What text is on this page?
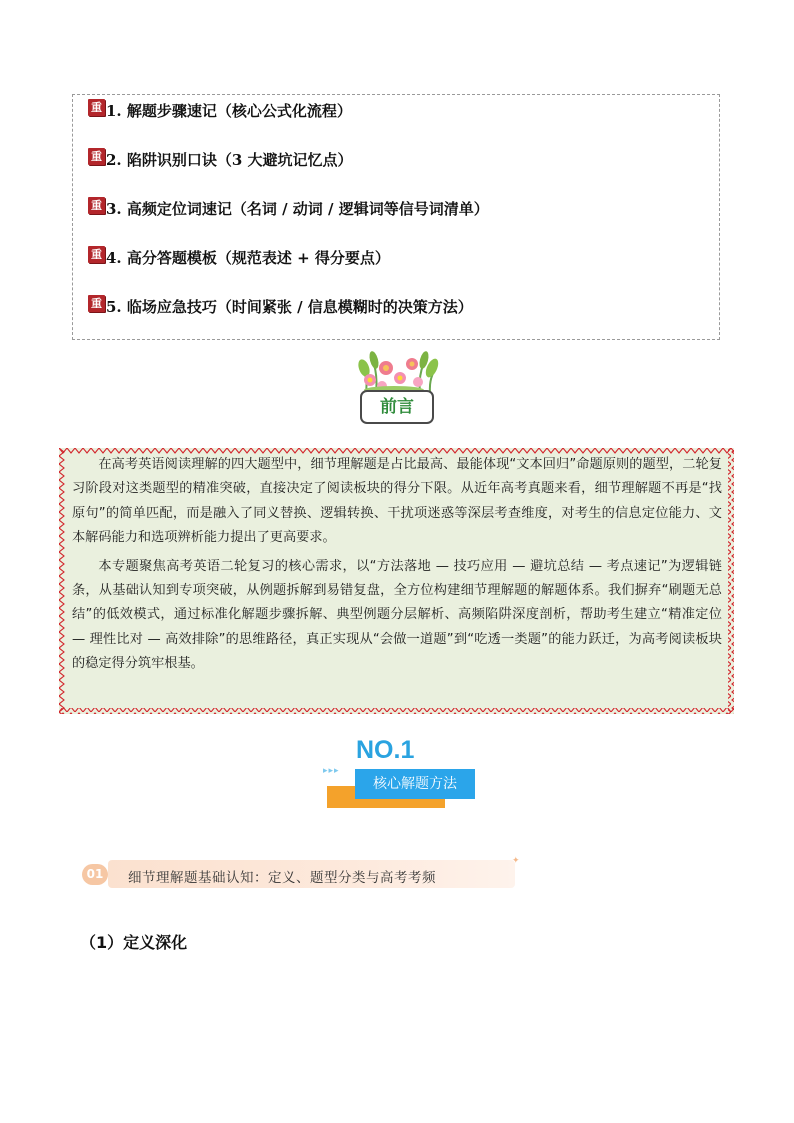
重 1. 解题步骤速记（核心公式化流程）
重 2. 陷阱识别口诀（3 大避坑记忆点）
重 3. 高频定位词速记（名词 / 动词 / 逻辑词等信号词清单）
重 4. 高分答题模板（规范表述 + 得分要点）
重 5. 临场应急技巧（时间紧张 / 信息模糊时的决策方法）
前言

在高考英语阅读理解的四大题型中，细节理解题是占比最高、最能体现“文本回归”命题原则的题型，二轮复习阶段对这类题型的精准突破，直接决定了阅读板块的得分下限。从近年高考真题来看，细节理解题不再是“找原句”的简单匹配，而是融入了同义替换、逻辑转换、干扰项迷惑等深层考查维度，对考生的信息定位能力、文本解码能力和选项辨析能力提出了更高要求。

本专题聚焦高考英语二轮复习的核心需求，以“方法落地 — 技巧应用 — 避坑总结 — 考点速记”为逻辑链条，从基础认知到专项突破，从例题拆解到易错复盘，全方位构建细节理解题的解题体系。我们摒弃“刷题无总结”的低效模式，通过标准化解题步骤拆解、典型例题分层解析、高频陷阱深度剖析，帮助考生建立“精准定位 — 理性比对 — 高效排除”的思维路径，真正实现从“会做一道题”到“吃透一类题”的能力跃迁，为高考阅读板块的稳定得分筑牢根基。

NO.1
▸▸▸
核心解题方法
01	细节理解题基础认知：定义、题型分类与高考考频
✦
（1）定义深化
